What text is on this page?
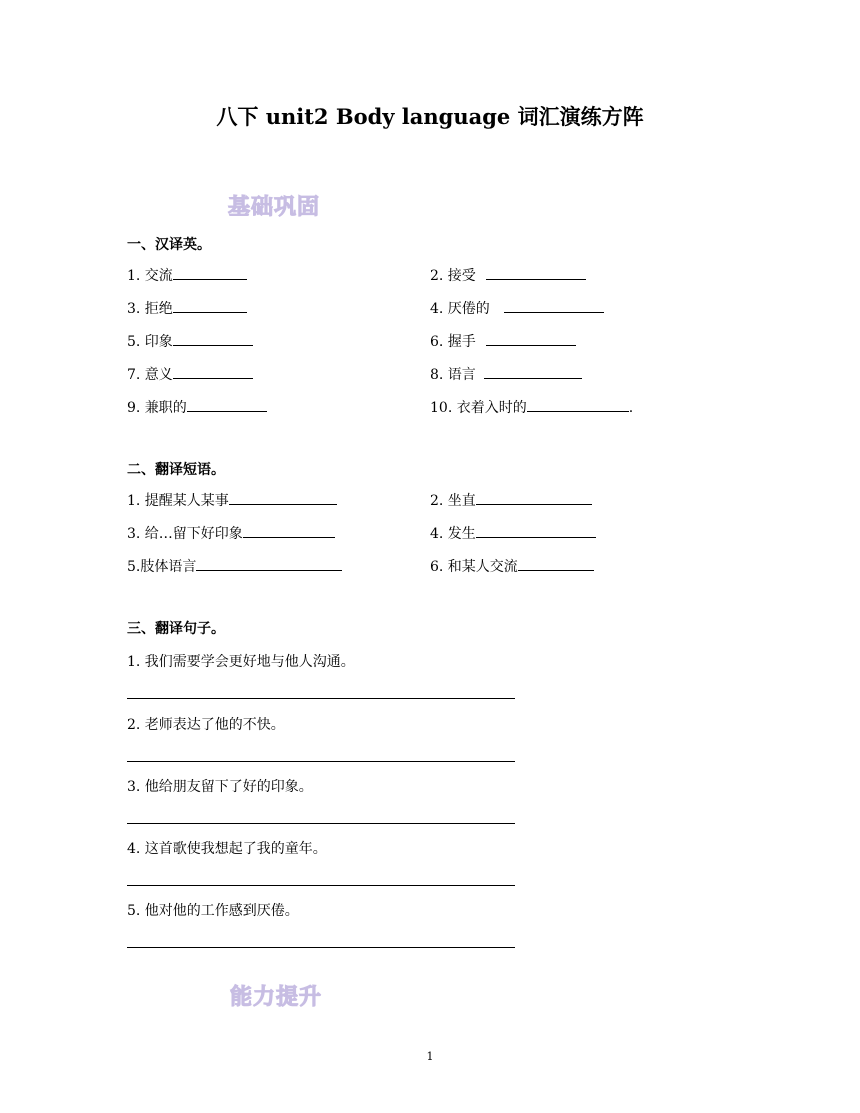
八下 unit2 Body language 词汇演练方阵
基础巩固
一、汉译英。
1. 交流	2. 接受
3. 拒绝	4. 厌倦的
5. 印象	6. 握手
7. 意义	8. 语言
9. 兼职的	10. 衣着入时的	.
二、翻译短语。
1. 提醒某人某事	2. 坐直
3. 给…留下好印象	4. 发生
5.肢体语言	6. 和某人交流
三、翻译句子。
1. 我们需要学会更好地与他人沟通。
2. 老师表达了他的不快。
3. 他给朋友留下了好的印象。
4. 这首歌使我想起了我的童年。
5. 他对他的工作感到厌倦。
能力提升
1
